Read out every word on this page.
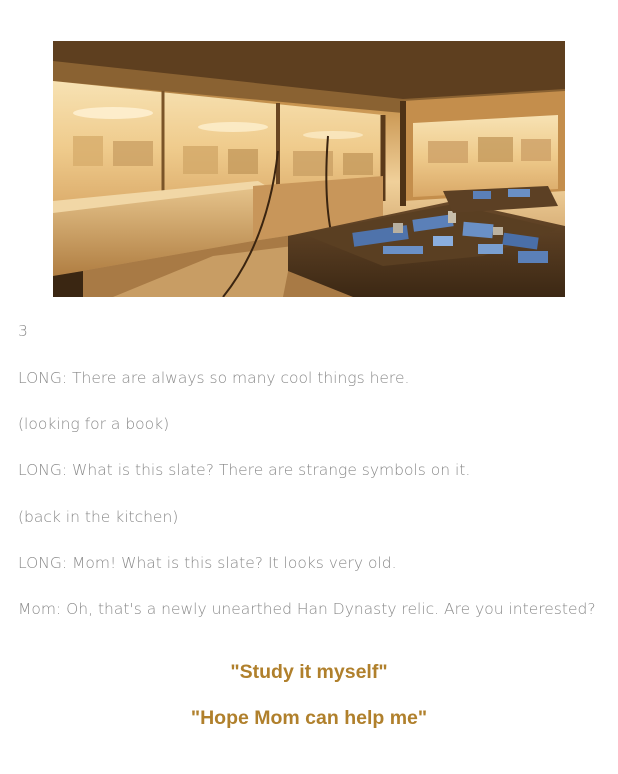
3

LONG: There are always so many cool things here.

(looking for a book)

LONG: What is this slate? There are strange symbols on it.

(back in the kitchen)

LONG: Mom! What is this slate? It looks very old.

Mom: Oh, that's a newly unearthed Han Dynasty relic. Are you interested?

"Study it myself"
"Hope Mom can help me"
